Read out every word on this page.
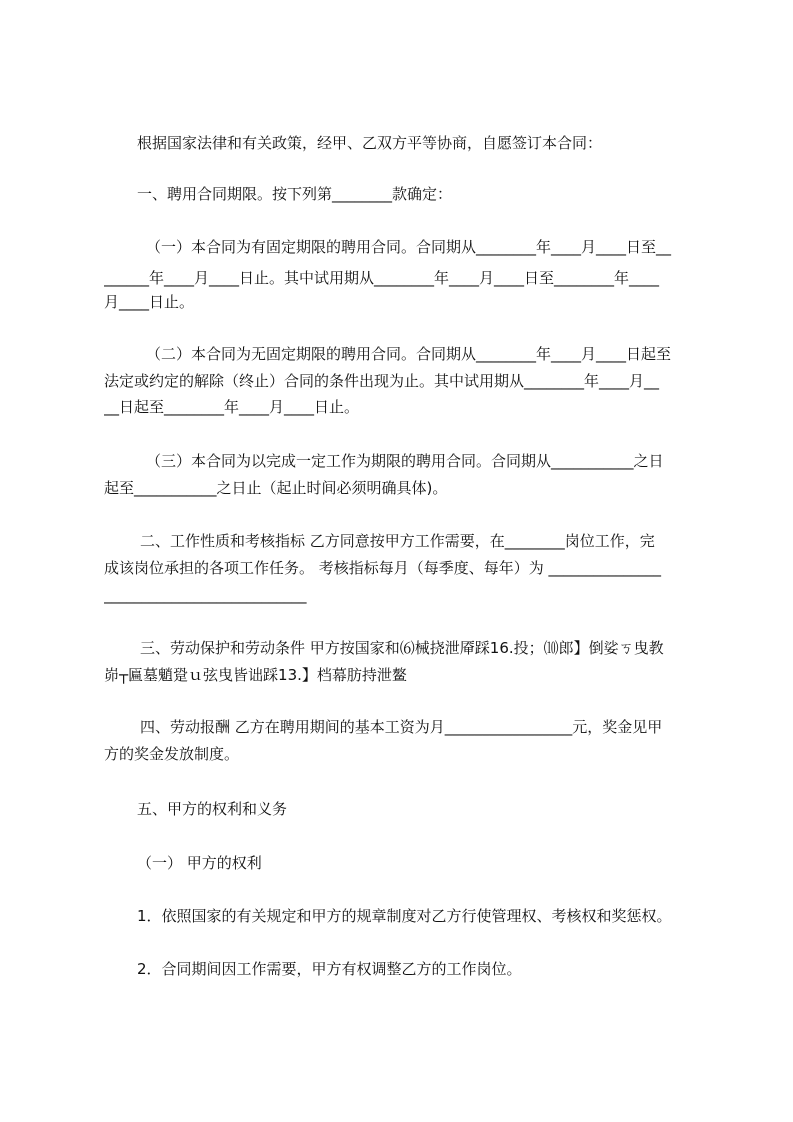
根据国家法律和有关政策，经甲、乙双方平等协商，自愿签订本合同：
一、聘用合同期限。按下列第________款确定：
（一）本合同为有固定期限的聘用合同。合同期从________年____月____日至__
______年____月____日止。其中试用期从________年____月____日至________年____
月____日止。
（二）本合同为无固定期限的聘用合同。合同期从________年____月____日起至
法定或约定的解除（终止）合同的条件出现为止。其中试用期从________年____月__
__日起至________年____月____日止。
（三）本合同为以完成一定工作为期限的聘用合同。合同期从___________之日
起至___________之日止（起止时间必须明确具体)。
二、工作性质和考核指标 乙方同意按甲方工作需要，在________岗位工作，完
成该岗位承担的各项工作任务。 考核指标每月（每季度、每年）为 _______________
___________________________
三、劳动保护和劳动条件 甲方按国家和⑹械挠泄厣踩16.投；⑽郎】倒娑ㄎ曳教
峁┬匾墓魈跫ｕ弦曳皆诎踩13.】档幕肪持泄鳌
四、劳动报酬 乙方在聘用期间的基本工资为月_________________元，奖金见甲
方的奖金发放制度。
五、甲方的权利和义务
（一） 甲方的权利
1．依照国家的有关规定和甲方的规章制度对乙方行使管理权、考核权和奖惩权。
2．合同期间因工作需要，甲方有权调整乙方的工作岗位。
